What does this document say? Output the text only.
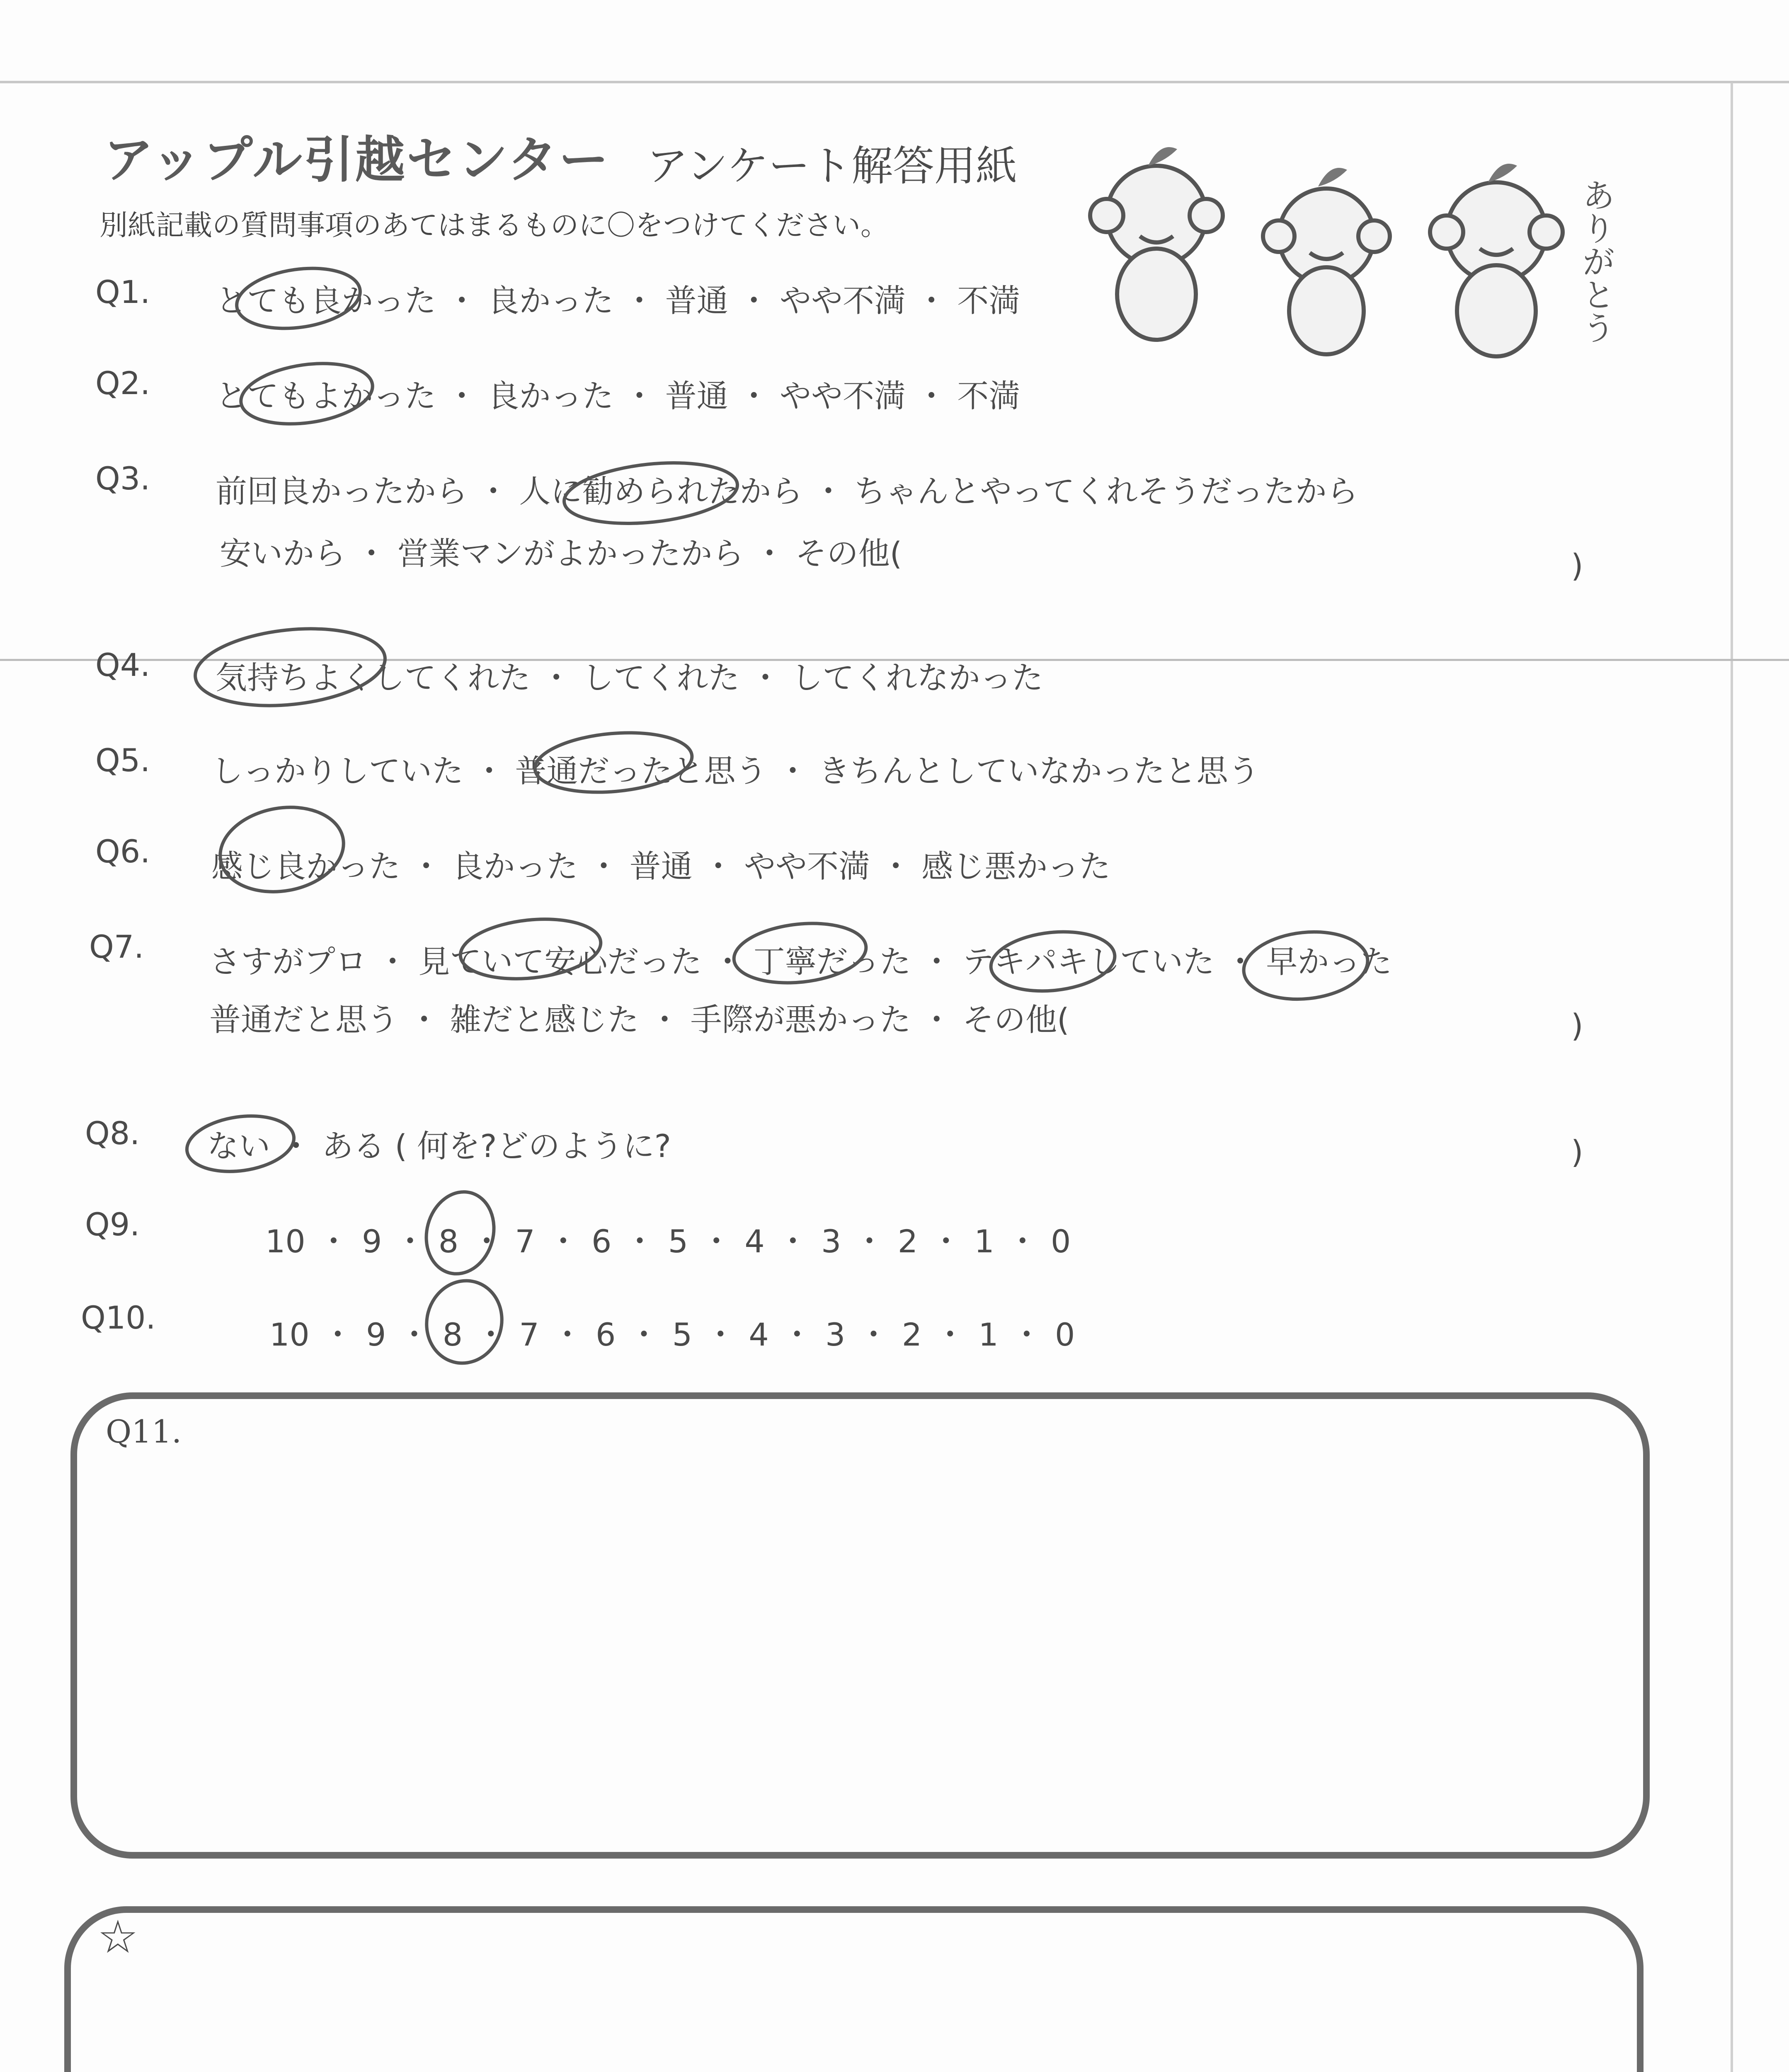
アップル引越センター アンケート解答用紙
別紙記載の質問事項のあてはまるものに〇をつけてください。	ありがとう
Q1. とても良かった ・ 良かった ・ 普通 ・ やや不満 ・ 不満
Q2. とてもよかった ・ 良かった ・ 普通 ・ やや不満 ・ 不満
Q3. 前回良かったから ・ 人に勧められたから ・ ちゃんとやってくれそうだったから
安いから ・ 営業マンがよかったから ・ その他(	)
Q4. 気持ちよくしてくれた ・ してくれた ・ してくれなかった
Q5. しっかりしていた ・ 普通だったと思う ・ きちんとしていなかったと思う
Q6. 感じ良かった ・ 良かった ・ 普通 ・ やや不満 ・ 感じ悪かった
Q7. さすがプロ ・ 見ていて安心だった ・ 丁寧だった ・ テキパキしていた ・ 早かった
普通だと思う ・ 雑だと感じた ・ 手際が悪かった ・ その他(	)
Q8. ない ・ ある ( 何を?どのように?	)
Q9.	10 ・ 9 ・ 8 ・ 7 ・ 6 ・ 5 ・ 4 ・ 3 ・ 2 ・ 1 ・ 0
Q10.	10 ・ 9 ・ 8 ・ 7 ・ 6 ・ 5 ・ 4 ・ 3 ・ 2 ・ 1 ・ 0
Q11.
☆
